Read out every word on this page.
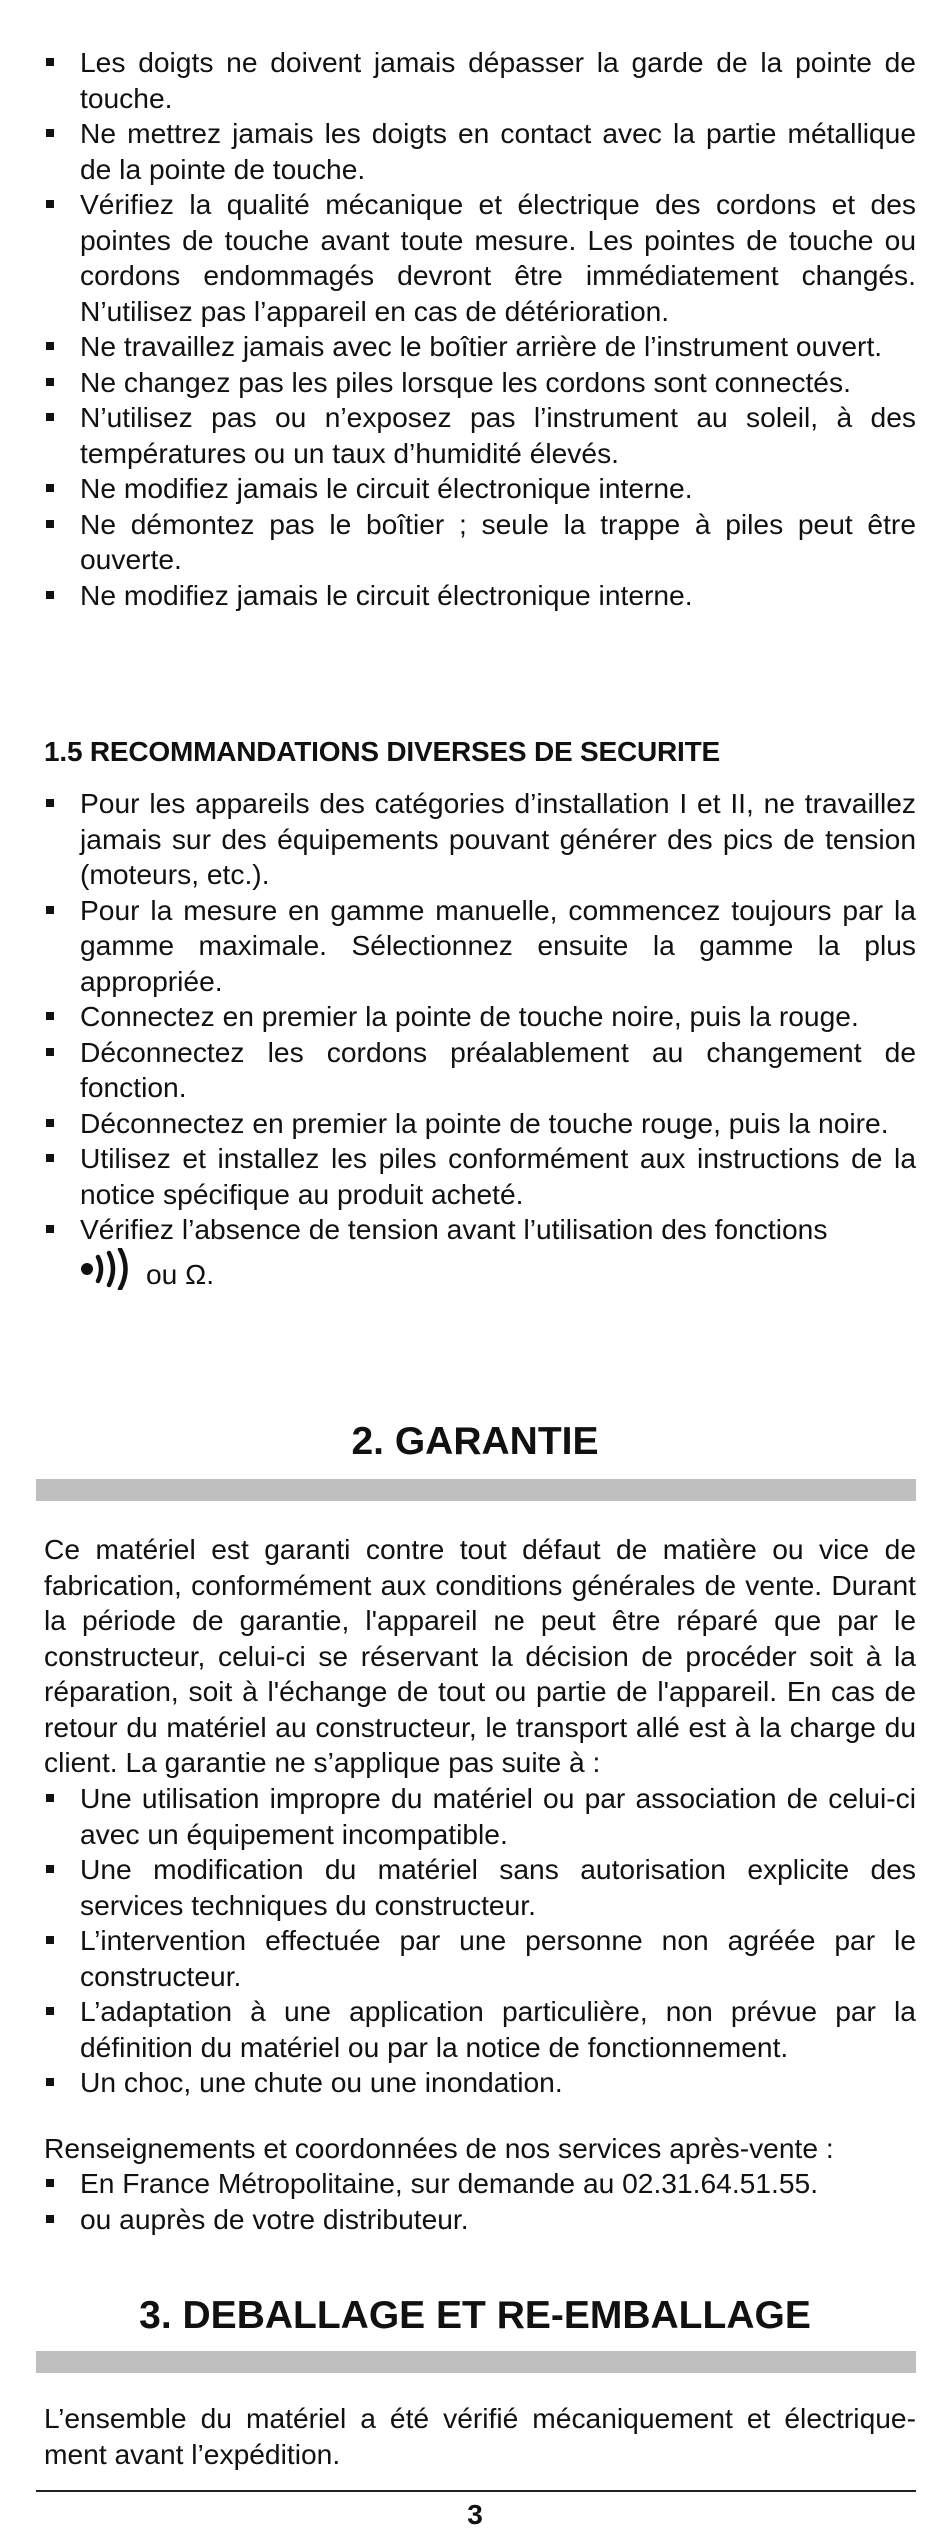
Les doigts ne doivent jamais dépasser la garde de la pointe de touche.
Ne mettrez jamais les doigts en contact avec la partie métallique de la pointe de touche.
Vérifiez la qualité mécanique et électrique des cordons et des pointes de touche avant toute mesure. Les pointes de touche ou cordons endommagés devront être immédiatement changés. N’utilisez pas l’appareil en cas de détérioration.
Ne travaillez jamais avec le boîtier arrière de l’instrument ouvert.
Ne changez pas les piles lorsque les cordons sont connectés.
N’utilisez pas ou n’exposez pas l’instrument au soleil, à des températures ou un taux d’humidité élevés.
Ne modifiez jamais le circuit électronique interne.
Ne démontez pas le boîtier ; seule la trappe à piles peut être ouverte.
Ne modifiez jamais le circuit électronique interne.
1.5 RECOMMANDATIONS DIVERSES DE SECURITE
Pour les appareils des catégories d’installation I et II, ne travaillez jamais sur des équipements pouvant générer des pics de tension (moteurs, etc.).
Pour la mesure en gamme manuelle, commencez toujours par la gamme maximale. Sélectionnez ensuite la gamme la plus appropriée.
Connectez en premier la pointe de touche noire, puis la rouge.
Déconnectez les cordons préalablement au changement de fonction.
Déconnectez en premier la pointe de touche rouge, puis la noire.
Utilisez et installez les piles conformément aux instructions de la notice spécifique au produit acheté.
Vérifiez l’absence de tension avant l’utilisation des fonctions
ou Ω.
2. GARANTIE

Ce matériel est garanti contre tout défaut de matière ou vice de fabrication, conformément aux conditions générales de vente. Durant la période de garantie, l'appareil ne peut être réparé que par le constructeur, celui-ci se réservant la décision de procéder soit à la réparation, soit à l'échange de tout ou partie de l'appareil. En cas de retour du matériel au constructeur, le transport allé est à la charge du client. La garantie ne s’applique pas suite à :

Une utilisation impropre du matériel ou par association de celui-ci avec un équipement incompatible.
Une modification du matériel sans autorisation explicite des services techniques du constructeur.
L’intervention effectuée par une personne non agréée par le constructeur.
L’adaptation à une application particulière, non prévue par la définition du matériel ou par la notice de fonctionnement.
Un choc, une chute ou une inondation.

Renseignements et coordonnées de nos services après-vente :

En France Métropolitaine, sur demande au 02.31.64.51.55.
ou auprès de votre distributeur.
3. DEBALLAGE ET RE-EMBALLAGE

L’ensemble du matériel a été vérifié mécaniquement et électrique-ment avant l’expédition.

3
